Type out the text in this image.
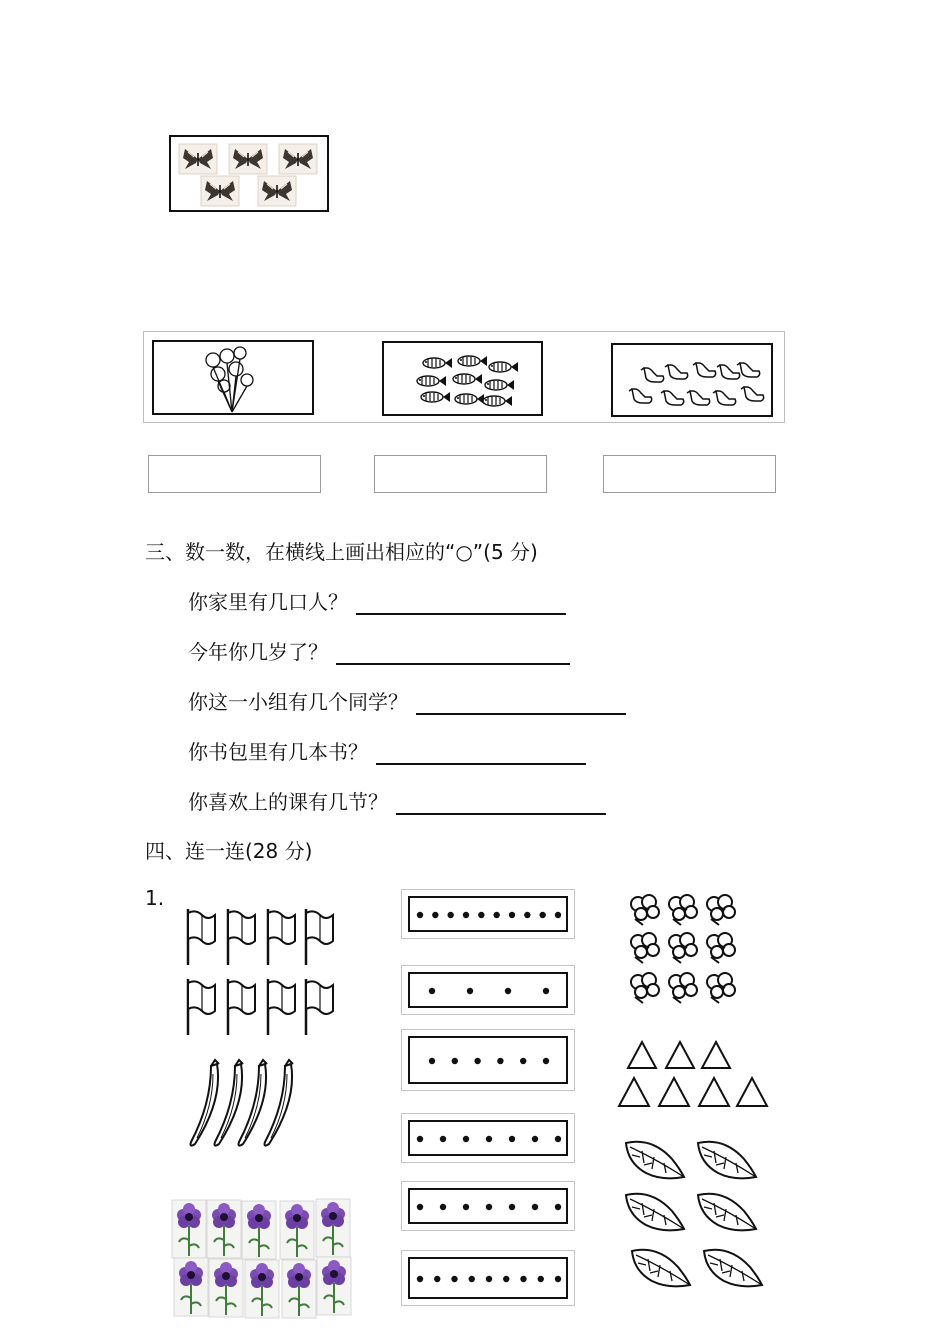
三、数一数，在横线上画出相应的“○”(5 分)
你家里有几口人？
今年你几岁了？
你这一小组有几个同学？
你书包里有几本书？
你喜欢上的课有几节？
四、连一连(28 分)
1.
